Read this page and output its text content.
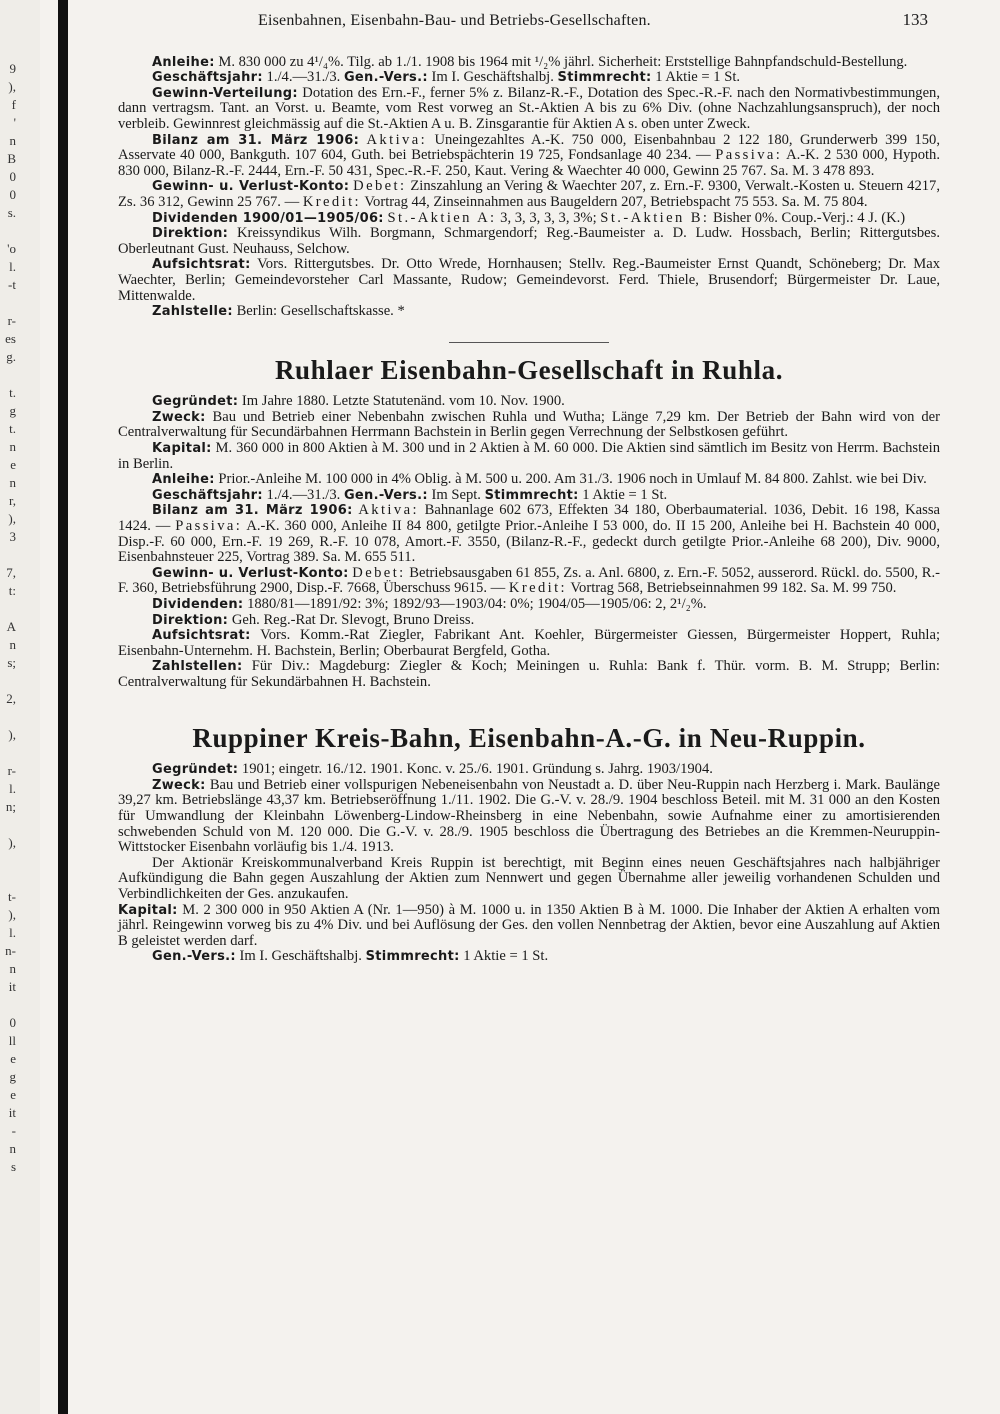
9
),
f
'
n
B
0
0
s.

'o
l.
-t

r-
es
g.

t.
g
t.
n
e
n
r,
),
3

7,
t:

A
n
s;

2,

),

r-
l.
n;

),

t-
),
l.
n-
n
it

0
ll
e
g
e
it
-
n
s
Eisenbahnen, Eisenbahn-Bau- und Betriebs-Gesellschaften.	133

Anleihe: M. 830 000 zu 4¹/₄%. Tilg. ab 1./1. 1908 bis 1964 mit ¹/₂% jährl. Sicherheit: Erststellige Bahnpfandschuld-Bestellung.

Geschäftsjahr: 1./4.—31./3. Gen.-Vers.: Im I. Geschäftshalbj. Stimmrecht: 1 Aktie = 1 St.

Gewinn-Verteilung: Dotation des Ern.-F., ferner 5% z. Bilanz-R.-F., Dotation des Spec.-R.-F. nach den Normativbestimmungen, dann vertragsm. Tant. an Vorst. u. Beamte, vom Rest vorweg an St.-Aktien A bis zu 6% Div. (ohne Nachzahlungsanspruch), der noch verbleib. Gewinnrest gleichmässig auf die St.-Aktien A u. B. Zinsgarantie für Aktien A s. oben unter Zweck.

Bilanz am 31. März 1906: Aktiva: Uneingezahltes A.-K. 750 000, Eisenbahnbau 2 122 180, Grunderwerb 399 150, Asservate 40 000, Bankguth. 107 604, Guth. bei Betriebspächterin 19 725, Fondsanlage 40 234. — Passiva: A.-K. 2 530 000, Hypoth. 830 000, Bilanz-R.-F. 2444, Ern.-F. 50 431, Spec.-R.-F. 250, Kaut. Vering & Waechter 40 000, Gewinn 25 767. Sa. M. 3 478 893.

Gewinn- u. Verlust-Konto: Debet: Zinszahlung an Vering & Waechter 207, z. Ern.-F. 9300, Verwalt.-Kosten u. Steuern 4217, Zs. 36 312, Gewinn 25 767. — Kredit: Vortrag 44, Zinseinnahmen aus Baugeldern 207, Betriebspacht 75 553. Sa. M. 75 804.

Dividenden 1900/01—1905/06: St.-Aktien A: 3, 3, 3, 3, 3, 3%; St.-Aktien B: Bisher 0%. Coup.-Verj.: 4 J. (K.)

Direktion: Kreissyndikus Wilh. Borgmann, Schmargendorf; Reg.-Baumeister a. D. Ludw. Hossbach, Berlin; Rittergutsbes. Oberleutnant Gust. Neuhauss, Selchow.

Aufsichtsrat: Vors. Rittergutsbes. Dr. Otto Wrede, Hornhausen; Stellv. Reg.-Baumeister Ernst Quandt, Schöneberg; Dr. Max Waechter, Berlin; Gemeindevorsteher Carl Massante, Rudow; Gemeindevorst. Ferd. Thiele, Brusendorf; Bürgermeister Dr. Laue, Mittenwalde.

Zahlstelle: Berlin: Gesellschaftskasse. *

Ruhlaer Eisenbahn-Gesellschaft in Ruhla.

Gegründet: Im Jahre 1880. Letzte Statutenänd. vom 10. Nov. 1900.

Zweck: Bau und Betrieb einer Nebenbahn zwischen Ruhla und Wutha; Länge 7,29 km. Der Betrieb der Bahn wird von der Centralverwaltung für Secundärbahnen Herrmann Bachstein in Berlin gegen Verrechnung der Selbstkosen geführt.

Kapital: M. 360 000 in 800 Aktien à M. 300 und in 2 Aktien à M. 60 000. Die Aktien sind sämtlich im Besitz von Herrm. Bachstein in Berlin.

Anleihe: Prior.-Anleihe M. 100 000 in 4% Oblig. à M. 500 u. 200. Am 31./3. 1906 noch in Umlauf M. 84 800. Zahlst. wie bei Div.

Geschäftsjahr: 1./4.—31./3. Gen.-Vers.: Im Sept. Stimmrecht: 1 Aktie = 1 St.

Bilanz am 31. März 1906: Aktiva: Bahnanlage 602 673, Effekten 34 180, Oberbaumaterial. 1036, Debit. 16 198, Kassa 1424. — Passiva: A.-K. 360 000, Anleihe II 84 800, getilgte Prior.-Anleihe I 53 000, do. II 15 200, Anleihe bei H. Bachstein 40 000, Disp.-F. 60 000, Ern.-F. 19 269, R.-F. 10 078, Amort.-F. 3550, (Bilanz-R.-F., gedeckt durch getilgte Prior.-Anleihe 68 200), Div. 9000, Eisenbahnsteuer 225, Vortrag 389. Sa. M. 655 511.

Gewinn- u. Verlust-Konto: Debet: Betriebsausgaben 61 855, Zs. a. Anl. 6800, z. Ern.-F. 5052, ausserord. Rückl. do. 5500, R.-F. 360, Betriebsführung 2900, Disp.-F. 7668, Überschuss 9615. — Kredit: Vortrag 568, Betriebseinnahmen 99 182. Sa. M. 99 750.

Dividenden: 1880/81—1891/92: 3%; 1892/93—1903/04: 0%; 1904/05—1905/06: 2, 2¹/₂%.

Direktion: Geh. Reg.-Rat Dr. Slevogt, Bruno Dreiss.

Aufsichtsrat: Vors. Komm.-Rat Ziegler, Fabrikant Ant. Koehler, Bürgermeister Giessen, Bürgermeister Hoppert, Ruhla; Eisenbahn-Unternehm. H. Bachstein, Berlin; Oberbaurat Bergfeld, Gotha.

Zahlstellen: Für Div.: Magdeburg: Ziegler & Koch; Meiningen u. Ruhla: Bank f. Thür. vorm. B. M. Strupp; Berlin: Centralverwaltung für Sekundärbahnen H. Bachstein.

Ruppiner Kreis-Bahn, Eisenbahn-A.-G. in Neu-Ruppin.

Gegründet: 1901; eingetr. 16./12. 1901. Konc. v. 25./6. 1901. Gründung s. Jahrg. 1903/1904.

Zweck: Bau und Betrieb einer vollspurigen Nebeneisenbahn von Neustadt a. D. über Neu-Ruppin nach Herzberg i. Mark. Baulänge 39,27 km. Betriebslänge 43,37 km. Betriebseröffnung 1./11. 1902. Die G.-V. v. 28./9. 1904 beschloss Beteil. mit M. 31 000 an den Kosten für Umwandlung der Kleinbahn Löwenberg-Lindow-Rheinsberg in eine Nebenbahn, sowie Aufnahme einer zu amortisierenden schwebenden Schuld von M. 120 000. Die G.-V. v. 28./9. 1905 beschloss die Übertragung des Betriebes an die Kremmen-Neuruppin-Wittstocker Eisenbahn vorläufig bis 1./4. 1913.

Der Aktionär Kreiskommunalverband Kreis Ruppin ist berechtigt, mit Beginn eines neuen Geschäftsjahres nach halbjähriger Aufkündigung die Bahn gegen Auszahlung der Aktien zum Nennwert und gegen Übernahme aller jeweilig vorhandenen Schulden und Verbindlichkeiten der Ges. anzukaufen.

Kapital: M. 2 300 000 in 950 Aktien A (Nr. 1—950) à M. 1000 u. in 1350 Aktien B à M. 1000. Die Inhaber der Aktien A erhalten vom jährl. Reingewinn vorweg bis zu 4% Div. und bei Auflösung der Ges. den vollen Nennbetrag der Aktien, bevor eine Auszahlung auf Aktien B geleistet werden darf.

Gen.-Vers.: Im I. Geschäftshalbj. Stimmrecht: 1 Aktie = 1 St.
